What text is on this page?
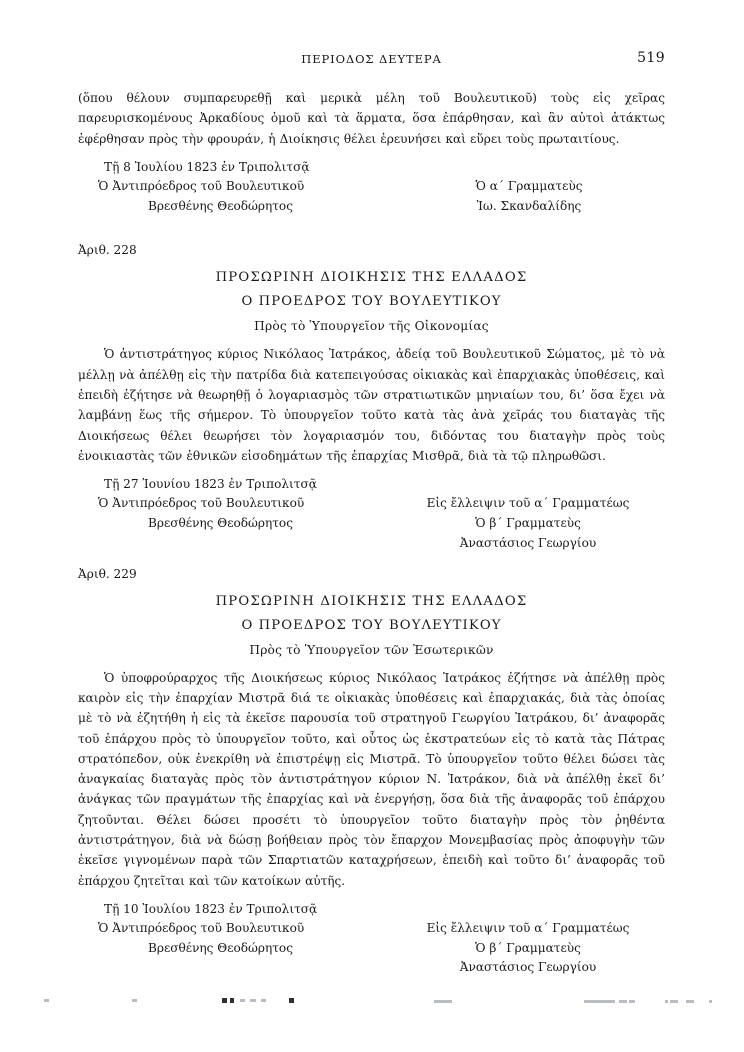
ΠΕΡΙΟΔΟΣ ΔΕΥΤΕΡΑ	519

(ὅπου θέλουν συμπαρευρεθῇ καὶ μερικὰ μέλη τοῦ Βουλευτικοῦ) τοὺς εἰς χεῖρας παρευρισκομένους Ἀρκαδίους ὁμοῦ καὶ τὰ ἅρματα, ὅσα ἐπάρθησαν, καὶ ἂν αὐτοὶ ἀτάκτως ἐφέρθησαν πρὸς τὴν φρουράν, ἡ Διοίκησις θέλει ἐρευνήσει καὶ εὕρει τοὺς πρωταιτίους.

Τῇ 8 Ἰουλίου 1823 ἐν Τριπολιτσᾷ
Ὁ Ἀντιπρόεδρος τοῦ Βουλευτικοῦ
Βρεσθένης Θεοδώρητος
Ὁ α΄ Γραμματεὺς
Ἰω. Σκανδαλίδης
Ἀριθ. 228
ΠΡΟΣΩΡΙΝΗ ΔΙΟΙΚΗΣΙΣ ΤΗΣ ΕΛΛΑΔΟΣ
Ο ΠΡΟΕΔΡΟΣ ΤΟΥ ΒΟΥΛΕΥΤΙΚΟΥ
Πρὸς τὸ Ὑπουργεῖον τῆς Οἰκονομίας

Ὁ ἀντιστράτηγος κύριος Νικόλαος Ἰατράκος, ἀδείᾳ τοῦ Βουλευτικοῦ Σώματος, μὲ τὸ νὰ μέλλῃ νὰ ἀπέλθῃ εἰς τὴν πατρίδα διὰ κατεπειγούσας οἰκιακὰς καὶ ἐπαρχιακὰς ὑποθέσεις, καὶ ἐπειδὴ ἐζήτησε νὰ θεωρηθῇ ὁ λογαριασμὸς τῶν στρατιωτικῶν μηνιαίων του, δι’ ὅσα ἔχει νὰ λαμβάνῃ ἕως τῆς σήμερον. Τὸ ὑπουργεῖον τοῦτο κατὰ τὰς ἀνὰ χεῖράς του διαταγὰς τῆς Διοικήσεως θέλει θεωρήσει τὸν λογαριασμόν του, διδόντας του διαταγὴν πρὸς τοὺς ἐνοικιαστὰς τῶν ἐθνικῶν εἰσοδημάτων τῆς ἐπαρχίας Μισθρᾶ, διὰ τὰ τῷ πληρωθῶσι.

Τῇ 27 Ἰουνίου 1823 ἐν Τριπολιτσᾷ
Ὁ Ἀντιπρόεδρος τοῦ Βουλευτικοῦ
Βρεσθένης Θεοδώρητος
Εἰς ἔλλειψιν τοῦ α΄ Γραμματέως
Ὁ β΄ Γραμματεὺς
Ἀναστάσιος Γεωργίου
Ἀριθ. 229
ΠΡΟΣΩΡΙΝΗ ΔΙΟΙΚΗΣΙΣ ΤΗΣ ΕΛΛΑΔΟΣ
Ο ΠΡΟΕΔΡΟΣ ΤΟΥ ΒΟΥΛΕΥΤΙΚΟΥ
Πρὸς τὸ Ὑπουργεῖον τῶν Ἐσωτερικῶν

Ὁ ὑποφρούραρχος τῆς Διοικήσεως κύριος Νικόλαος Ἰατράκος ἐζήτησε νὰ ἀπέλθῃ πρὸς καιρὸν εἰς τὴν ἐπαρχίαν Μιστρᾶ διά τε οἰκιακὰς ὑποθέσεις καὶ ἐπαρχιακάς, διὰ τὰς ὁποίας μὲ τὸ νὰ ἐζητήθη ἡ εἰς τὰ ἐκεῖσε παρουσία τοῦ στρατηγοῦ Γεωργίου Ἰατράκου, δι’ ἀναφορᾶς τοῦ ἐπάρχου πρὸς τὸ ὑπουργεῖον τοῦτο, καὶ οὗτος ὡς ἐκστρατεύων εἰς τὸ κατὰ τὰς Πάτρας στρατόπεδον, οὐκ ἐνεκρίθη νὰ ἐπιστρέψῃ εἰς Μιστρᾶ. Τὸ ὑπουργεῖον τοῦτο θέλει δώσει τὰς ἀναγκαίας διαταγὰς πρὸς τὸν ἀντιστράτηγον κύριον Ν. Ἰατράκον, διὰ νὰ ἀπέλθῃ ἐκεῖ δι’ ἀνάγκας τῶν πραγμάτων τῆς ἐπαρχίας καὶ νὰ ἐνεργήσῃ, ὅσα διὰ τῆς ἀναφορᾶς τοῦ ἐπάρχου ζητοῦνται. Θέλει δώσει προσέτι τὸ ὑπουργεῖον τοῦτο διαταγὴν πρὸς τὸν ῥηθέντα ἀντιστράτηγον, διὰ νὰ δώσῃ βοήθειαν πρὸς τὸν ἔπαρχον Μονεμβασίας πρὸς ἀποφυγὴν τῶν ἐκεῖσε γιγνομένων παρὰ τῶν Σπαρτιατῶν καταχρήσεων, ἐπειδὴ καὶ τοῦτο δι’ ἀναφορᾶς τοῦ ἐπάρχου ζητεῖται καὶ τῶν κατοίκων αὐτῆς.

Τῇ 10 Ἰουλίου 1823 ἐν Τριπολιτσᾷ
Ὁ Ἀντιπρόεδρος τοῦ Βουλευτικοῦ
Βρεσθένης Θεοδώρητος
Εἰς ἔλλειψιν τοῦ α΄ Γραμματέως
Ὁ β΄ Γραμματεὺς
Ἀναστάσιος Γεωργίου
